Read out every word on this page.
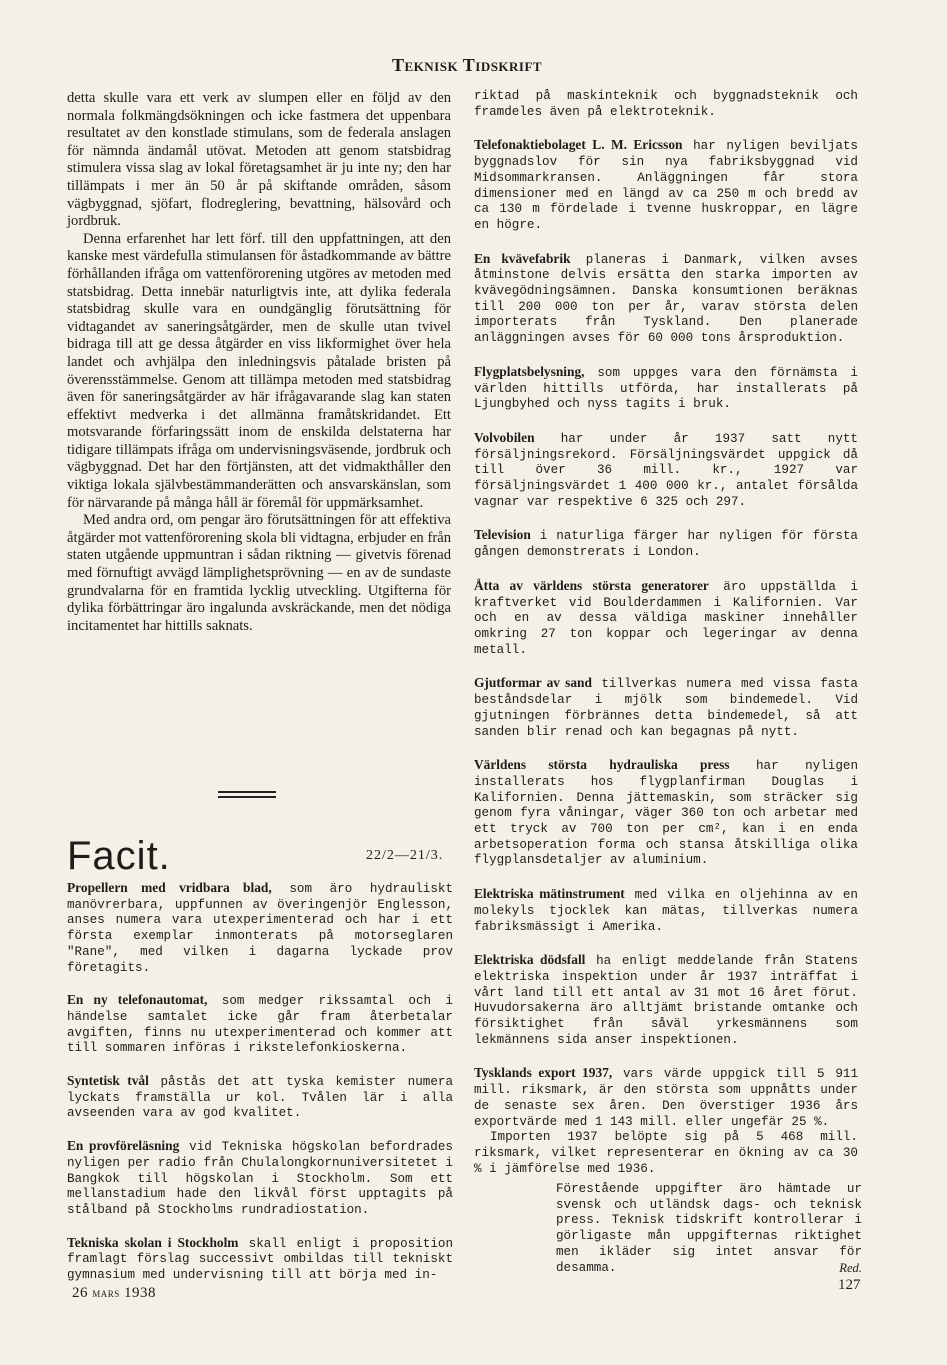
Teknisk Tidskrift

detta skulle vara ett verk av slumpen eller en följd av den normala folkmängdsökningen och icke fastmera det uppenbara resultatet av den konstlade stimulans, som de federala anslagen för nämnda ändamål utövat. Metoden att genom statsbidrag stimulera vissa slag av lokal företagsamhet är ju inte ny; den har tillämpats i mer än 50 år på skiftande områden, såsom vägbyggnad, sjöfart, flodreglering, bevattning, hälsovård och jordbruk.

Denna erfarenhet har lett förf. till den uppfattningen, att den kanske mest värdefulla stimulansen för åstadkommande av bättre förhållanden ifråga om vattenförorening utgöres av metoden med statsbidrag. Detta innebär naturligtvis inte, att dylika federala statsbidrag skulle vara en oundgänglig förutsättning för vidtagandet av saneringsåtgärder, men de skulle utan tvivel bidraga till att ge dessa åtgärder en viss likformighet över hela landet och avhjälpa den inledningsvis påtalade bristen på överensstämmelse. Genom att tillämpa metoden med statsbidrag även för saneringsåtgärder av här ifrågavarande slag kan staten effektivt medverka i det allmänna framåtskridandet. Ett motsvarande förfaringssätt inom de enskilda delstaterna har tidigare tillämpats ifråga om undervisningsväsende, jordbruk och vägbyggnad. Det har den förtjänsten, att det vidmakthåller den viktiga lokala självbestämmanderätten och ansvarskänslan, som för närvarande på många håll är föremål för uppmärksamhet.

Med andra ord, om pengar äro förutsättningen för att effektiva åtgärder mot vattenförorening skola bli vidtagna, erbjuder en från staten utgående uppmuntran i sådan riktning — givetvis förenad med förnuftigt avvägd lämplighetsprövning — en av de sundaste grundvalarna för en framtida lycklig utveckling. Utgifterna för dylika förbättringar äro ingalunda avskräckande, men det nödiga incitamentet har hittills saknats.

Facit.	22/2—21/3.

Propellern med vridbara blad, som äro hydrauliskt manövrerbara, uppfunnen av överingenjör Englesson, anses numera vara utexperimenterad och har i ett första exemplar inmonterats på motorseglaren "Rane", med vilken i dagarna lyckade prov företagits.

En ny telefonautomat, som medger rikssamtal och i händelse samtalet icke går fram återbetalar avgiften, finns nu utexperimenterad och kommer att till sommaren införas i rikstelefonkioskerna.

Syntetisk tvål påstås det att tyska kemister numera lyckats framställa ur kol. Tvålen lär i alla avseenden vara av god kvalitet.

En provföreläsning vid Tekniska högskolan befordrades nyligen per radio från Chulalongkornuniversitetet i Bangkok till högskolan i Stockholm. Som ett mellanstadium hade den likvål först upptagits på stålband på Stockholms rundradiostation.

Tekniska skolan i Stockholm skall enligt i proposition framlagt förslag successivt ombildas till tekniskt gymnasium med undervisning till att börja med in-

riktad på maskinteknik och byggnadsteknik och framdeles även på elektroteknik.

Telefonaktiebolaget L. M. Ericsson har nyligen beviljats byggnadslov för sin nya fabriksbyggnad vid Midsommarkransen. Anläggningen får stora dimensioner med en längd av ca 250 m och bredd av ca 130 m fördelade i tvenne huskroppar, en lägre en högre.

En kvävefabrik planeras i Danmark, vilken avses åtminstone delvis ersätta den starka importen av kvävegödningsämnen. Danska konsumtionen beräknas till 200 000 ton per år, varav största delen importerats från Tyskland. Den planerade anläggningen avses för 60 000 tons årsproduktion.

Flygplatsbelysning, som uppges vara den förnämsta i världen hittills utförda, har installerats på Ljungbyhed och nyss tagits i bruk.

Volvobilen har under år 1937 satt nytt försäljningsrekord. Försäljningsvärdet uppgick då till över 36 mill. kr., 1927 var försäljningsvärdet 1 400 000 kr., antalet försålda vagnar var respektive 6 325 och 297.

Television i naturliga färger har nyligen för första gången demonstrerats i London.

Åtta av världens största generatorer äro uppställda i kraftverket vid Boulderdammen i Kalifornien. Var och en av dessa väldiga maskiner innehåller omkring 27 ton koppar och legeringar av denna metall.

Gjutformar av sand tillverkas numera med vissa fasta beståndsdelar i mjölk som bindemedel. Vid gjutningen förbrännes detta bindemedel, så att sanden blir renad och kan begagnas på nytt.

Världens största hydrauliska press har nyligen installerats hos flygplanfirman Douglas i Kalifornien. Denna jättemaskin, som sträcker sig genom fyra våningar, väger 360 ton och arbetar med ett tryck av 700 ton per cm², kan i en enda arbetsoperation forma och stansa åtskilliga olika flygplansdetaljer av aluminium.

Elektriska mätinstrument med vilka en oljehinna av en molekyls tjocklek kan mätas, tillverkas numera fabriksmässigt i Amerika.

Elektriska dödsfall ha enligt meddelande från Statens elektriska inspektion under år 1937 inträffat i vårt land till ett antal av 31 mot 16 året förut. Huvudorsakerna äro alltjämt bristande omtanke och försiktighet från såväl yrkesmännens som lekmännens sida anser inspektionen.

Tysklands export 1937, vars värde uppgick till 5 911 mill. riksmark, är den största som uppnåtts under de senaste sex åren. Den överstiger 1936 års exportvärde med 1 143 mill. eller ungefär 25 %.

Importen 1937 belöpte sig på 5 468 mill. riksmark, vilket representerar en ökning av ca 30 % i jämförelse med 1936.

Förestående uppgifter äro hämtade ur svensk och utländsk dags- och teknisk press. Teknisk tidskrift kontrollerar i görligaste mån uppgifternas riktighet men ikläder sig intet ansvar för desamma.	Red.
26 mars 1938	127
